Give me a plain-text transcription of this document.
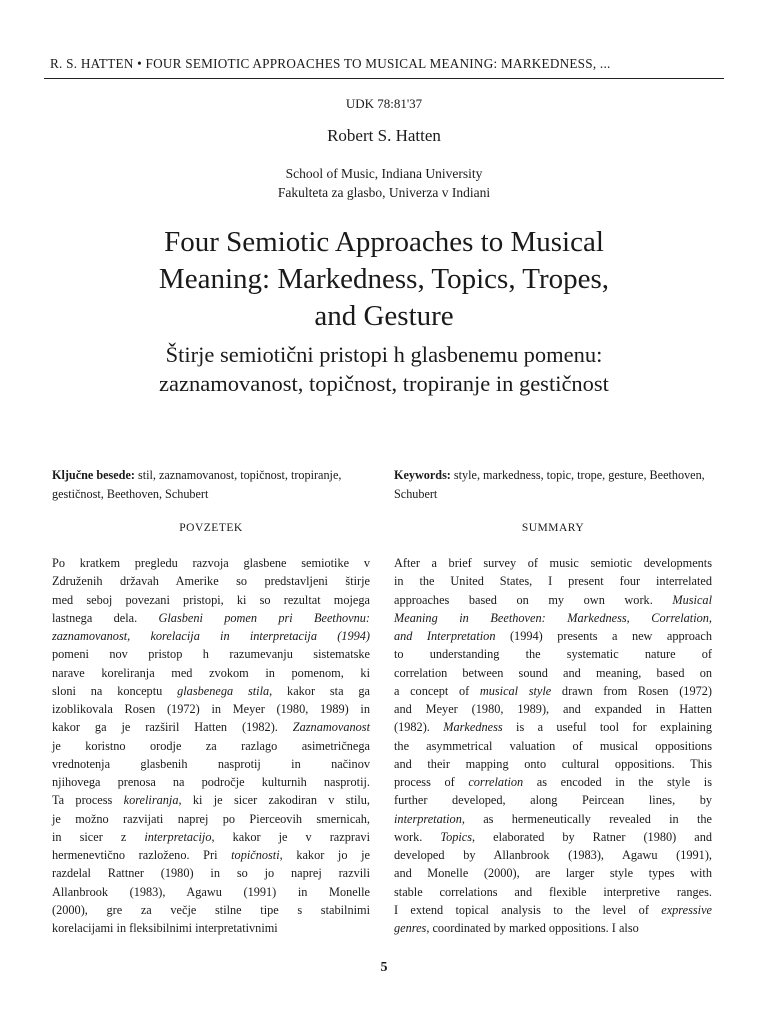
R. S. HATTEN • FOUR SEMIOTIC APPROACHES TO MUSICAL MEANING: MARKEDNESS, ...
UDK 78:81'37
Robert S. Hatten
School of Music, Indiana University
Fakulteta za glasbo, Univerza v Indiani
Four Semiotic Approaches to Musical
Meaning: Markedness, Topics, Tropes,
and Gesture
Štirje semiotični pristopi h glasbenemu pomenu:
zaznamovanost, topičnost, tropiranje in gestičnost
Ključne besede: stil, zaznamovanost, topičnost, tropiranje, gestičnost, Beethoven, Schubert
Keywords: style, markedness, topic, trope, gesture, Beethoven, Schubert
POVZETEK	SUMMARY
Po kratkem pregledu razvoja glasbene semiotike v
Združenih državah Amerike so predstavljeni štirje
med seboj povezani pristopi, ki so rezultat mojega
lastnega dela. Glasbeni pomen pri Beethovnu:
zaznamovanost, korelacija in interpretacija (1994)
pomeni nov pristop h razumevanju sistematske
narave koreliranja med zvokom in pomenom, ki
sloni na konceptu glasbenega stila, kakor sta ga
izoblikovala Rosen (1972) in Meyer (1980, 1989) in
kakor ga je razširil Hatten (1982). Zaznamovanost
je koristno orodje za razlago asimetričnega
vrednotenja glasbenih nasprotij in načinov
njihovega prenosa na področje kulturnih nasprotij.
Ta process koreliranja, ki je sicer zakodiran v stilu,
je možno razvijati naprej po Pierceovih smernicah,
in sicer z interpretacijo, kakor je v razpravi
hermenevtično razloženo. Pri topičnosti, kakor jo je
razdelal Rattner (1980) in so jo naprej razvili
Allanbrook (1983), Agawu (1991) in Monelle
(2000), gre za večje stilne tipe s stabilnimi
korelacijami in fleksibilnimi interpretativnimi
After a brief survey of music semiotic developments
in the United States, I present four interrelated
approaches based on my own work. Musical
Meaning in Beethoven: Markedness, Correlation,
and Interpretation (1994) presents a new approach
to understanding the systematic nature of
correlation between sound and meaning, based on
a concept of musical style drawn from Rosen (1972)
and Meyer (1980, 1989), and expanded in Hatten
(1982). Markedness is a useful tool for explaining
the asymmetrical valuation of musical oppositions
and their mapping onto cultural oppositions. This
process of correlation as encoded in the style is
further developed, along Peircean lines, by
interpretation, as hermeneutically revealed in the
work. Topics, elaborated by Ratner (1980) and
developed by Allanbrook (1983), Agawu (1991),
and Monelle (2000), are larger style types with
stable correlations and flexible interpretive ranges.
I extend topical analysis to the level of expressive
genres, coordinated by marked oppositions. I also
5
